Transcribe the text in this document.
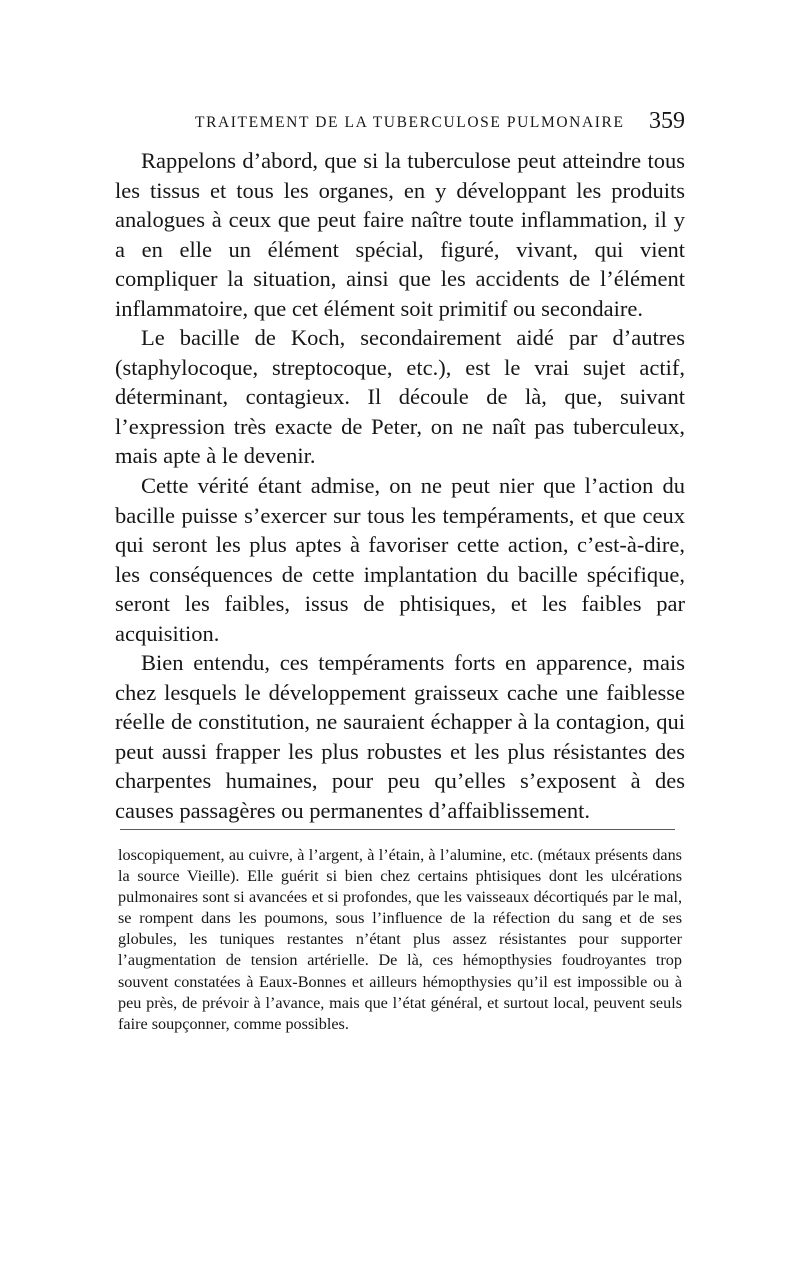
TRAITEMENT DE LA TUBERCULOSE PULMONAIRE 359

Rappelons d’abord, que si la tuberculose peut atteindre tous les tissus et tous les organes, en y développant les produits analogues à ceux que peut faire naître toute inflammation, il y a en elle un élément spécial, figuré, vivant, qui vient compliquer la situation, ainsi que les accidents de l’élément inflammatoire, que cet élément soit primitif ou secondaire.

Le bacille de Koch, secondairement aidé par d’autres (staphylocoque, streptocoque, etc.), est le vrai sujet actif, déterminant, contagieux. Il découle de là, que, suivant l’expression très exacte de Peter, on ne naît pas tuberculeux, mais apte à le devenir.

Cette vérité étant admise, on ne peut nier que l’action du bacille puisse s’exercer sur tous les tempéraments, et que ceux qui seront les plus aptes à favoriser cette action, c’est-à-dire, les conséquences de cette implantation du bacille spécifique, seront les faibles, issus de phtisiques, et les faibles par acquisition.

Bien entendu, ces tempéraments forts en apparence, mais chez lesquels le développement graisseux cache une faiblesse réelle de constitution, ne sauraient échapper à la contagion, qui peut aussi frapper les plus robustes et les plus résistantes des charpentes humaines, pour peu qu’elles s’exposent à des causes passagères ou permanentes d’affaiblissement.

loscopiquement, au cuivre, à l’argent, à l’étain, à l’alumine, etc. (métaux présents dans la source Vieille). Elle guérit si bien chez certains phtisiques dont les ulcérations pulmonaires sont si avancées et si profondes, que les vaisseaux décortiqués par le mal, se rompent dans les poumons, sous l’influence de la réfection du sang et de ses globules, les tuniques restantes n’étant plus assez résistantes pour supporter l’augmentation de tension artérielle. De là, ces hémopthysies foudroyantes trop souvent constatées à Eaux-Bonnes et ailleurs hémopthysies qu’il est impossible ou à peu près, de prévoir à l’avance, mais que l’état général, et surtout local, peuvent seuls faire soupçonner, comme possibles.
